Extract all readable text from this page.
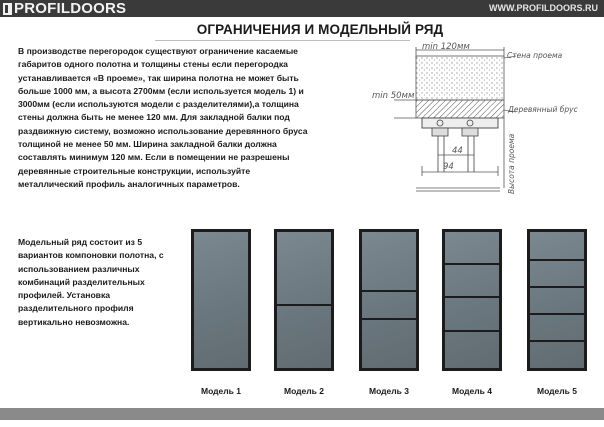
PROFILDOORS	WWW.PROFILDOORS.RU
ОГРАНИЧЕНИЯ И МОДЕЛЬНЫЙ РЯД
В производстве перегородок существуют ограничение касаемые
габаритов одного полотна и толщины стены если перегородка
устанавливается «В проеме», так ширина полотна не может быть
больше 1000 мм, а высота 2700мм (если используется модель 1) и
3000мм (если используются модели с разделителями),а толщина
стены должна быть не менее 120 мм. Для закладной балки под
раздвижную систему, возможно использование деревянного бруса
толщиной не менее 50 мм. Ширина закладной балки должна
составлять минимум 120 мм. Если в помещении не разрешены
деревянные строительные конструкции, используйте
металлический профиль аналогичных параметров.
min 120мм
min 50мм
44
94
Стена проема
Деревянный брус
Высота проема
Модельный ряд состоит из 5
вариантов компоновки полотна, с
использованием различных
комбинаций разделительных
профилей. Установка
разделительного профиля
вертикально невозможна.
Модель 1	Модель 2	Модель 3	Модель 4	Модель 5
